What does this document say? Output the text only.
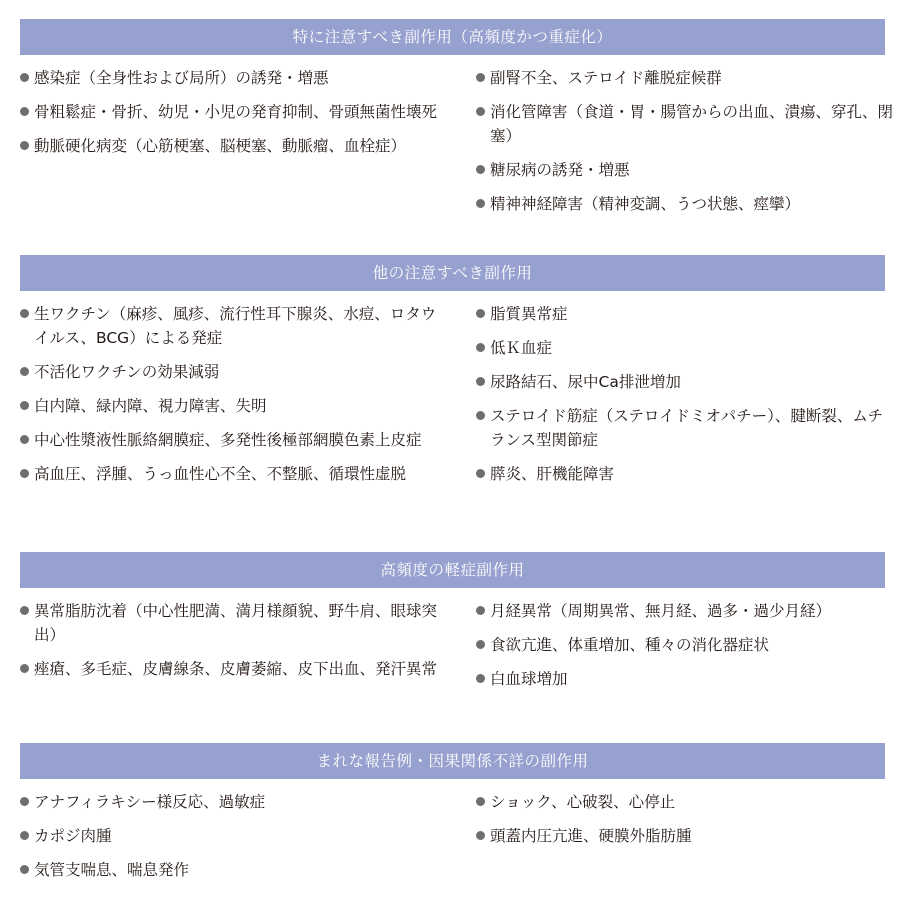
特に注意すべき副作用（高頻度かつ重症化）
感染症（全身性および局所）の誘発・増悪
骨粗鬆症・骨折、幼児・小児の発育抑制、骨頭無菌性壊死
動脈硬化病変（心筋梗塞、脳梗塞、動脈瘤、血栓症）
副腎不全、ステロイド離脱症候群
消化管障害（食道・胃・腸管からの出血、潰瘍、穿孔、閉塞）
糖尿病の誘発・増悪
精神神経障害（精神変調、うつ状態、痙攣）
他の注意すべき副作用
生ワクチン（麻疹、風疹、流行性耳下腺炎、水痘、ロタウイルス、BCG）による発症
不活化ワクチンの効果減弱
白内障、緑内障、視力障害、失明
中心性漿液性脈絡網膜症、多発性後極部網膜色素上皮症
高血圧、浮腫、うっ血性心不全、不整脈、循環性虚脱
脂質異常症
低Ｋ血症
尿路結石、尿中Ca排泄増加
ステロイド筋症（ステロイドミオパチー）、腱断裂、ムチランス型関節症
膵炎、肝機能障害
高頻度の軽症副作用
異常脂肪沈着（中心性肥満、満月様顔貌、野牛肩、眼球突出）
痤瘡、多毛症、皮膚線条、皮膚萎縮、皮下出血、発汗異常
月経異常（周期異常、無月経、過多・過少月経）
食欲亢進、体重増加、種々の消化器症状
白血球増加
まれな報告例・因果関係不詳の副作用
アナフィラキシー様反応、過敏症
カポジ肉腫
気管支喘息、喘息発作
ショック、心破裂、心停止
頭蓋内圧亢進、硬膜外脂肪腫
